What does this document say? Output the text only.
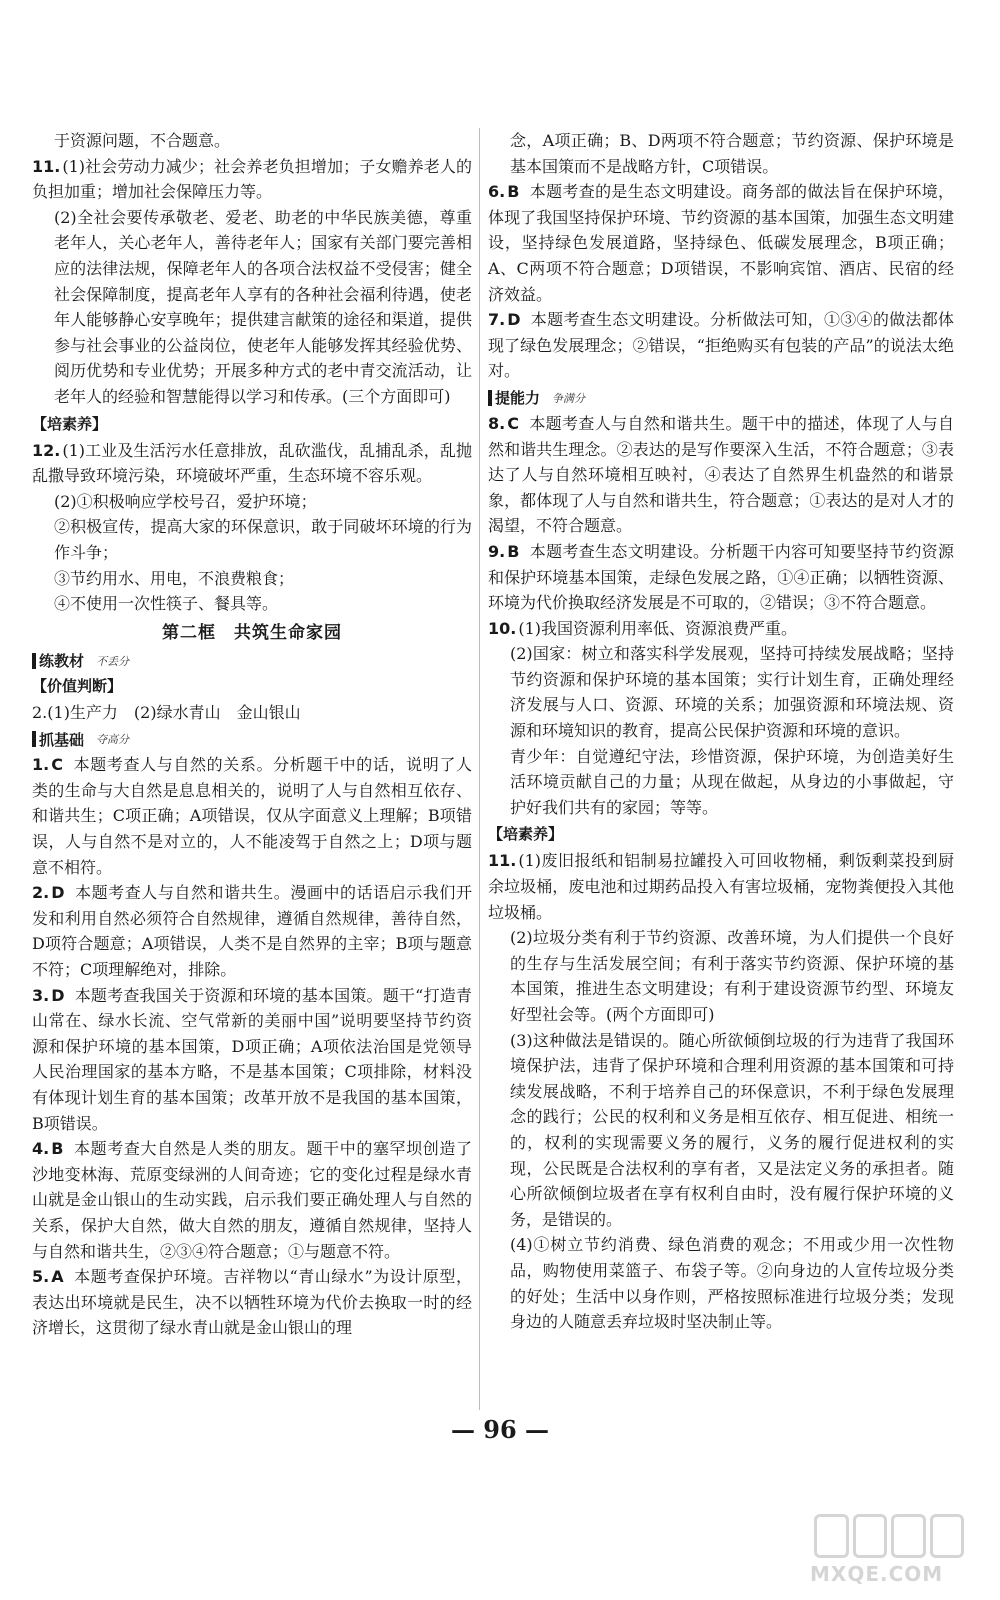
于资源问题，不合题意。

11. (1)社会劳动力减少；社会养老负担增加；子女赡养老人的负担加重；增加社会保障压力等。

(2)全社会要传承敬老、爱老、助老的中华民族美德，尊重老年人，关心老年人，善待老年人；国家有关部门要完善相应的法律法规，保障老年人的各项合法权益不受侵害；健全社会保障制度，提高老年人享有的各种社会福利待遇，使老年人能够静心安享晚年；提供建言献策的途径和渠道，提供参与社会事业的公益岗位，使老年人能够发挥其经验优势、阅历优势和专业优势；开展多种方式的老中青交流活动，让老年人的经验和智慧能得以学习和传承。(三个方面即可)

【培素养】

12. (1)工业及生活污水任意排放，乱砍滥伐，乱捕乱杀，乱抛乱撒导致环境污染，环境破坏严重，生态环境不容乐观。

(2)①积极响应学校号召，爱护环境；

②积极宣传，提高大家的环保意识，敢于同破坏环境的行为作斗争；

③节约用水、用电，不浪费粮食；

④不使用一次性筷子、餐具等。

第二框　共筑生命家园
练教材 不丢分
【价值判断】

2.(1)生产力　(2)绿水青山　金山银山

抓基础 夺高分

1. C 本题考查人与自然的关系。分析题干中的话，说明了人类的生命与大自然是息息相关的，说明了人与自然相互依存、和谐共生；C项正确；A项错误，仅从字面意义上理解；B项错误，人与自然不是对立的，人不能凌驾于自然之上；D项与题意不相符。

2. D 本题考查人与自然和谐共生。漫画中的话语启示我们开发和利用自然必须符合自然规律，遵循自然规律，善待自然，D项符合题意；A项错误，人类不是自然界的主宰；B项与题意不符；C项理解绝对，排除。

3. D 本题考查我国关于资源和环境的基本国策。题干“打造青山常在、绿水长流、空气常新的美丽中国”说明要坚持节约资源和保护环境的基本国策，D项正确；A项依法治国是党领导人民治理国家的基本方略，不是基本国策；C项排除，材料没有体现计划生育的基本国策；改革开放不是我国的基本国策，B项错误。

4. B 本题考查大自然是人类的朋友。题干中的塞罕坝创造了沙地变林海、荒原变绿洲的人间奇迹；它的变化过程是绿水青山就是金山银山的生动实践，启示我们要正确处理人与自然的关系，保护大自然，做大自然的朋友，遵循自然规律，坚持人与自然和谐共生，②③④符合题意；①与题意不符。

5. A 本题考查保护环境。吉祥物以“青山绿水”为设计原型，表达出环境就是民生，决不以牺牲环境为代价去换取一时的经济增长，这贯彻了绿水青山就是金山银山的理

念，A项正确；B、D两项不符合题意；节约资源、保护环境是基本国策而不是战略方针，C项错误。

6. B 本题考查的是生态文明建设。商务部的做法旨在保护环境，体现了我国坚持保护环境、节约资源的基本国策，加强生态文明建设，坚持绿色发展道路，坚持绿色、低碳发展理念，B项正确；A、C两项不符合题意；D项错误，不影响宾馆、酒店、民宿的经济效益。

7. D 本题考查生态文明建设。分析做法可知，①③④的做法都体现了绿色发展理念；②错误，“拒绝购买有包装的产品”的说法太绝对。

提能力 争满分

8. C 本题考查人与自然和谐共生。题干中的描述，体现了人与自然和谐共生理念。②表达的是写作要深入生活，不符合题意；③表达了人与自然环境相互映衬，④表达了自然界生机盎然的和谐景象，都体现了人与自然和谐共生，符合题意；①表达的是对人才的渴望，不符合题意。

9. B 本题考查生态文明建设。分析题干内容可知要坚持节约资源和保护环境基本国策，走绿色发展之路，①④正确；以牺牲资源、环境为代价换取经济发展是不可取的，②错误；③不符合题意。

10. (1)我国资源利用率低、资源浪费严重。

(2)国家：树立和落实科学发展观，坚持可持续发展战略；坚持节约资源和保护环境的基本国策；实行计划生育，正确处理经济发展与人口、资源、环境的关系；加强资源和环境法规、资源和环境知识的教育，提高公民保护资源和环境的意识。

青少年：自觉遵纪守法，珍惜资源，保护环境，为创造美好生活环境贡献自己的力量；从现在做起，从身边的小事做起，守护好我们共有的家园；等等。

【培素养】

11. (1)废旧报纸和铝制易拉罐投入可回收物桶，剩饭剩菜投到厨余垃圾桶，废电池和过期药品投入有害垃圾桶，宠物粪便投入其他垃圾桶。

(2)垃圾分类有利于节约资源、改善环境，为人们提供一个良好的生存与生活发展空间；有利于落实节约资源、保护环境的基本国策，推进生态文明建设；有利于建设资源节约型、环境友好型社会等。(两个方面即可)

(3)这种做法是错误的。随心所欲倾倒垃圾的行为违背了我国环境保护法，违背了保护环境和合理利用资源的基本国策和可持续发展战略，不利于培养自己的环保意识，不利于绿色发展理念的践行；公民的权利和义务是相互依存、相互促进、相统一的，权利的实现需要义务的履行，义务的履行促进权利的实现，公民既是合法权利的享有者，又是法定义务的承担者。随心所欲倾倒垃圾者在享有权利自由时，没有履行保护环境的义务，是错误的。

(4)①树立节约消费、绿色消费的观念；不用或少用一次性物品，购物使用菜篮子、布袋子等。②向身边的人宣传垃圾分类的好处；生活中以身作则，严格按照标准进行垃圾分类；发现身边的人随意丢弃垃圾时坚决制止等。

— 96 —
MXQE.COM
